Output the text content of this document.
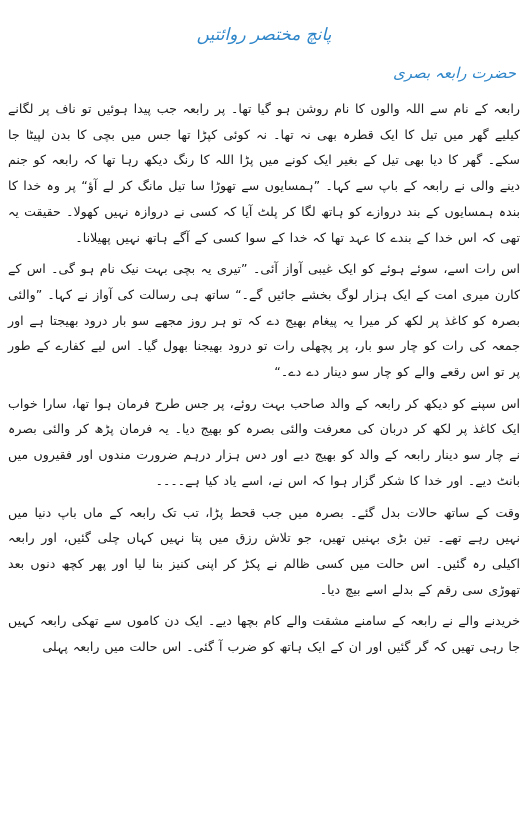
پانچ مختصر روائتیں
حضرت رابعہ بصری

رابعہ کے نام سے اللہ والوں کا نام روشن ہو گیا تھا۔ پر رابعہ جب پیدا ہوئیں تو ناف پر لگانے کیلیے گھر میں تیل کا ایک قطرہ بھی نہ تھا۔ نہ کوئی کپڑا تھا جس میں بچی کا بدن لپیٹا جا سکے۔ گھر کا دیا بھی تیل کے بغیر ایک کونے میں پڑا اللہ کا رنگ دیکھ رہا تھا کہ رابعہ کو جنم دینے والی نے رابعہ کے باپ سے کہا۔ ”ہمسایوں سے تھوڑا سا تیل مانگ کر لے آؤ“ پر وہ خدا کا بندہ ہمسایوں کے بند دروازے کو ہاتھ لگا کر پلٹ آیا کہ کسی نے دروازہ نہیں کھولا۔ حقیقت یہ تھی کہ اس خدا کے بندے کا عہد تھا کہ خدا کے سوا کسی کے آگے ہاتھ نہیں پھیلانا۔

اس رات اسے، سوئے ہوئے کو ایک غیبی آواز آئی۔ ”تیری یہ بچی بہت نیک نام ہو گی۔ اس کے کارن میری امت کے ایک ہزار لوگ بخشے جائیں گے۔“ ساتھ ہی رسالت کی آواز نے کہا۔ ”والئی بصرہ کو کاغذ پر لکھ کر میرا یہ پیغام بھیج دے کہ تو ہر روز مجھے سو بار درود بھیجتا ہے اور جمعہ کی رات کو چار سو بار، پر پچھلی رات تو درود بھیجنا بھول گیا۔ اس لیے کفارے کے طور پر تو اس رقعے والے کو چار سو دینار دے دے۔“

اس سپنے کو دیکھ کر رابعہ کے والد صاحب بہت روئے، پر جس طرح فرمان ہوا تھا، سارا خواب ایک کاغذ پر لکھ کر دربان کی معرفت والئی بصرہ کو بھیج دیا۔ یہ فرمان پڑھ کر والئی بصرہ نے چار سو دینار رابعہ کے والد کو بھیج دیے اور دس ہزار درہم ضرورت مندوں اور فقیروں میں بانٹ دیے۔ اور خدا کا شکر گزار ہوا کہ اس نے، اسے یاد کیا ہے۔۔۔۔

وقت کے ساتھ حالات بدل گئے۔ بصرہ میں جب قحط پڑا، تب تک رابعہ کے ماں باپ دنیا میں نہیں رہے تھے۔ تین بڑی بہنیں تھیں، جو تلاش رزق میں پتا نہیں کہاں چلی گئیں، اور رابعہ اکیلی رہ گئیں۔ اس حالت میں کسی ظالم نے پکڑ کر اپنی کنیز بنا لیا اور پھر کچھ دنوں بعد تھوڑی سی رقم کے بدلے اسے بیچ دیا۔

خریدنے والے نے رابعہ کے سامنے مشقت والے کام بچھا دیے۔ ایک دن کاموں سے تھکی رابعہ کہیں جا رہی تھیں کہ گر گئیں اور ان کے ایک ہاتھ کو ضرب آ گئی۔ اس حالت میں رابعہ پہلی
